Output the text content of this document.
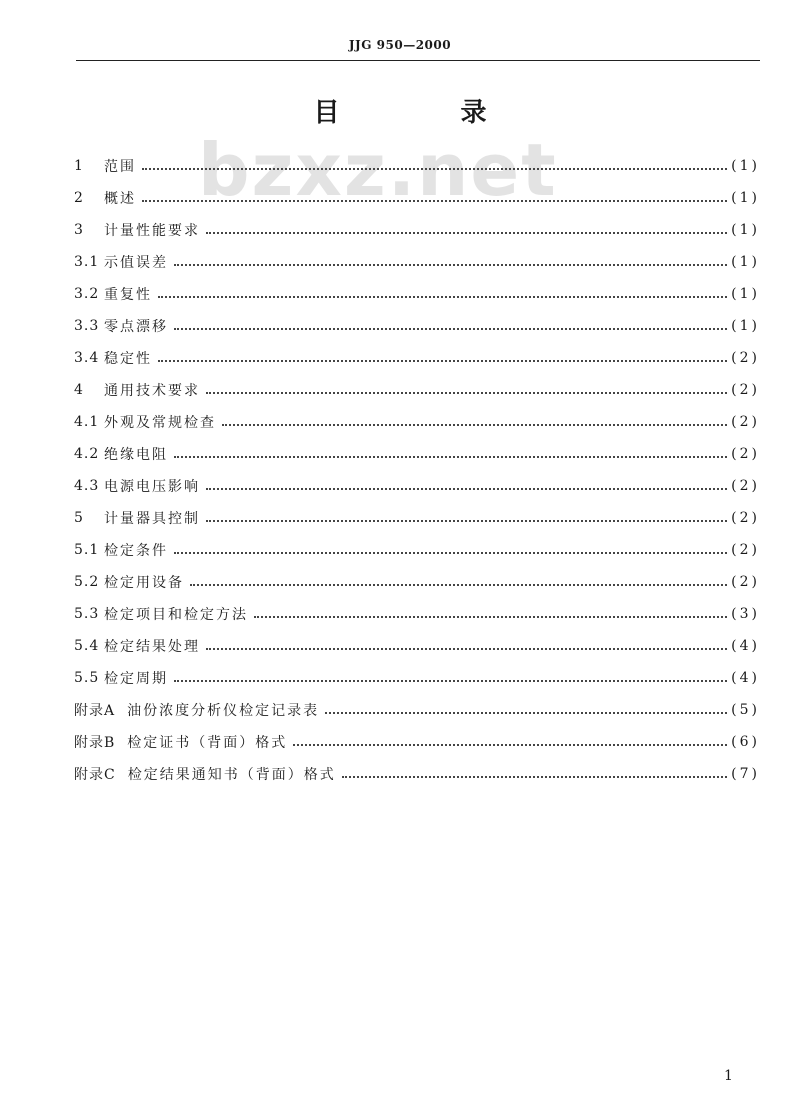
JJG 950—2000
目 录
bzxz.net
1	范围	(1)
2	概述	(1)
3	计量性能要求	(1)
3.1 示值误差	(1)
3.2 重复性	(1)
3.3 零点漂移	(1)
3.4 稳定性	(2)
4	通用技术要求	(2)
4.1 外观及常规检查	(2)
4.2 绝缘电阻	(2)
4.3 电源电压影响	(2)
5	计量器具控制	(2)
5.1 检定条件	(2)
5.2 检定用设备	(2)
5.3 检定项目和检定方法	(3)
5.4 检定结果处理	(4)
5.5 检定周期	(4)
附录A 油份浓度分析仪检定记录表	(5)
附录B 检定证书（背面）格式	(6)
附录C 检定结果通知书（背面）格式	(7)
1
